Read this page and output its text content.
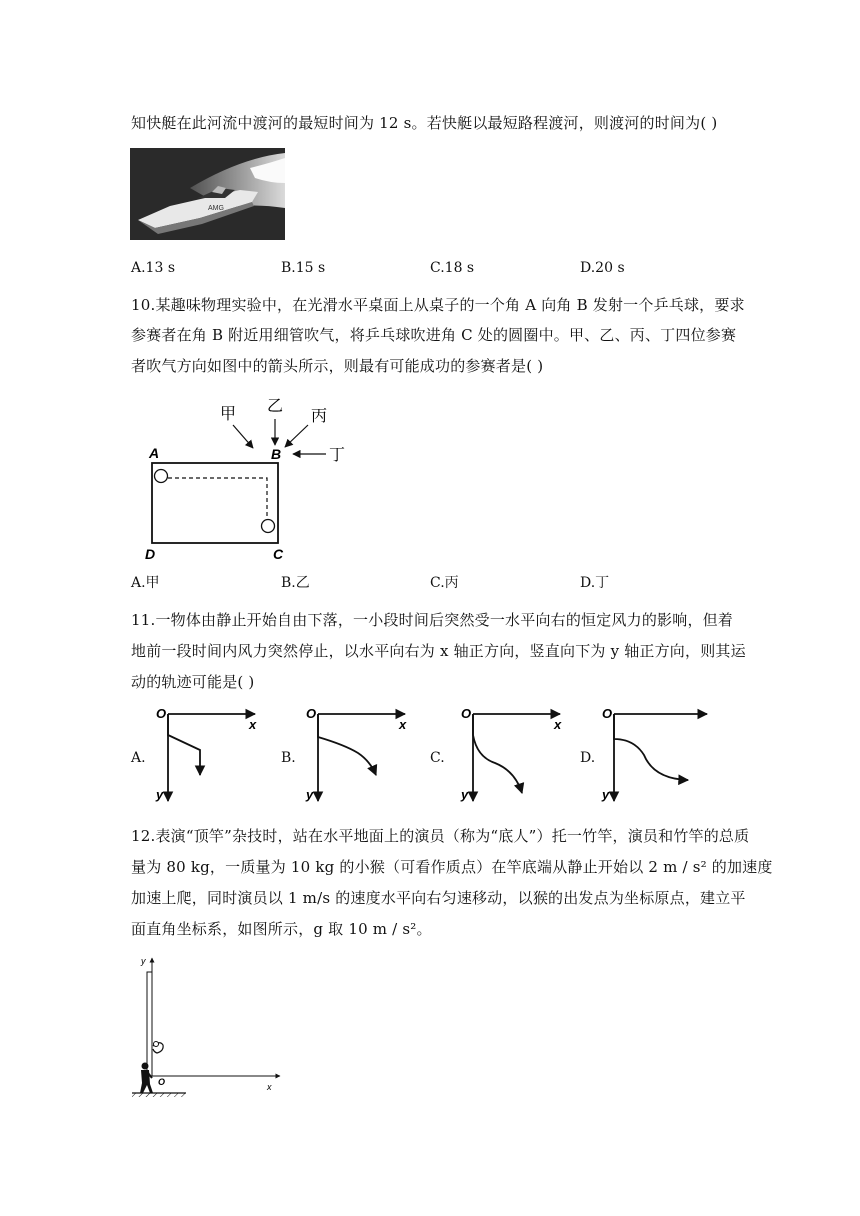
知快艇在此河流中渡河的最短时间为 12 s。若快艇以最短路程渡河，则渡河的时间为( )
AMG
A.13 s	B.15 s	C.18 s	D.20 s
10.某趣味物理实验中，在光滑水平桌面上从桌子的一个角 A 向角 B 发射一个乒乓球，要求
参赛者在角 B 附近用细管吹气，将乒乓球吹进角 C 处的圆圈中。甲、乙、丙、丁四位参赛
者吹气方向如图中的箭头所示，则最有可能成功的参赛者是( )
甲 乙
丙
丁
A	B
C
D
A.甲	B.乙	C.丙	D.丁
11.一物体由静止开始自由下落，一小段时间后突然受一水平向右的恒定风力的影响，但着
地前一段时间内风力突然停止，以水平向右为 x 轴正方向，竖直向下为 y 轴正方向，则其运
动的轨迹可能是( )
A.	B.	C.	D.
O
x
y
O
x
y
O
x
y
O
y
12.表演“顶竿”杂技时，站在水平地面上的演员（称为“底人”）托一竹竿，演员和竹竿的总质
量为 80 kg，一质量为 10 kg 的小猴（可看作质点）在竿底端从静止开始以 2 m / s² 的加速度
加速上爬，同时演员以 1 m/s 的速度水平向右匀速移动，以猴的出发点为坐标原点，建立平
面直角坐标系，如图所示，g 取 10 m / s²。
O	x
y
